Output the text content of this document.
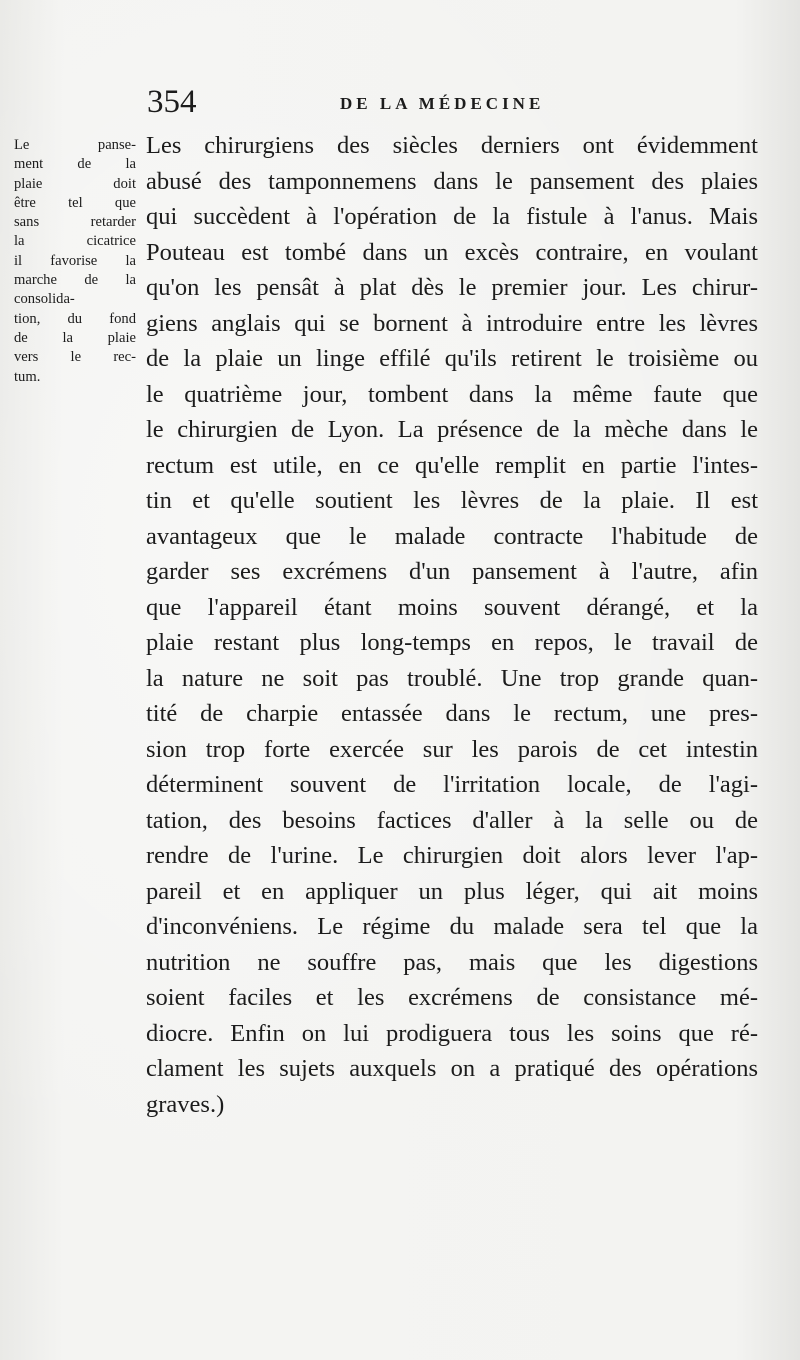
354	DE LA MÉDECINE
Le panse-
ment de la
plaie doit
être tel que
sans retarder
la cicatrice
il favorise la
marche de la
consolida-
tion, du fond
de la plaie
vers le rec-
tum.
Les chirurgiens des siècles derniers ont évidemment
abusé des tamponnemens dans le pansement des plaies
qui succèdent à l'opération de la fistule à l'anus. Mais
Pouteau est tombé dans un excès contraire, en voulant
qu'on les pensât à plat dès le premier jour. Les chirur-
giens anglais qui se bornent à introduire entre les lèvres
de la plaie un linge effilé qu'ils retirent le troisième ou
le quatrième jour, tombent dans la même faute que
le chirurgien de Lyon. La présence de la mèche dans le
rectum est utile, en ce qu'elle remplit en partie l'intes-
tin et qu'elle soutient les lèvres de la plaie. Il est
avantageux que le malade contracte l'habitude de
garder ses excrémens d'un pansement à l'autre, afin
que l'appareil étant moins souvent dérangé, et la
plaie restant plus long-temps en repos, le travail de
la nature ne soit pas troublé. Une trop grande quan-
tité de charpie entassée dans le rectum, une pres-
sion trop forte exercée sur les parois de cet intestin
déterminent souvent de l'irritation locale, de l'agi-
tation, des besoins factices d'aller à la selle ou de
rendre de l'urine. Le chirurgien doit alors lever l'ap-
pareil et en appliquer un plus léger, qui ait moins
d'inconvéniens. Le régime du malade sera tel que la
nutrition ne souffre pas, mais que les digestions
soient faciles et les excrémens de consistance mé-
diocre. Enfin on lui prodiguera tous les soins que ré-
clament les sujets auxquels on a pratiqué des opérations
graves.)
